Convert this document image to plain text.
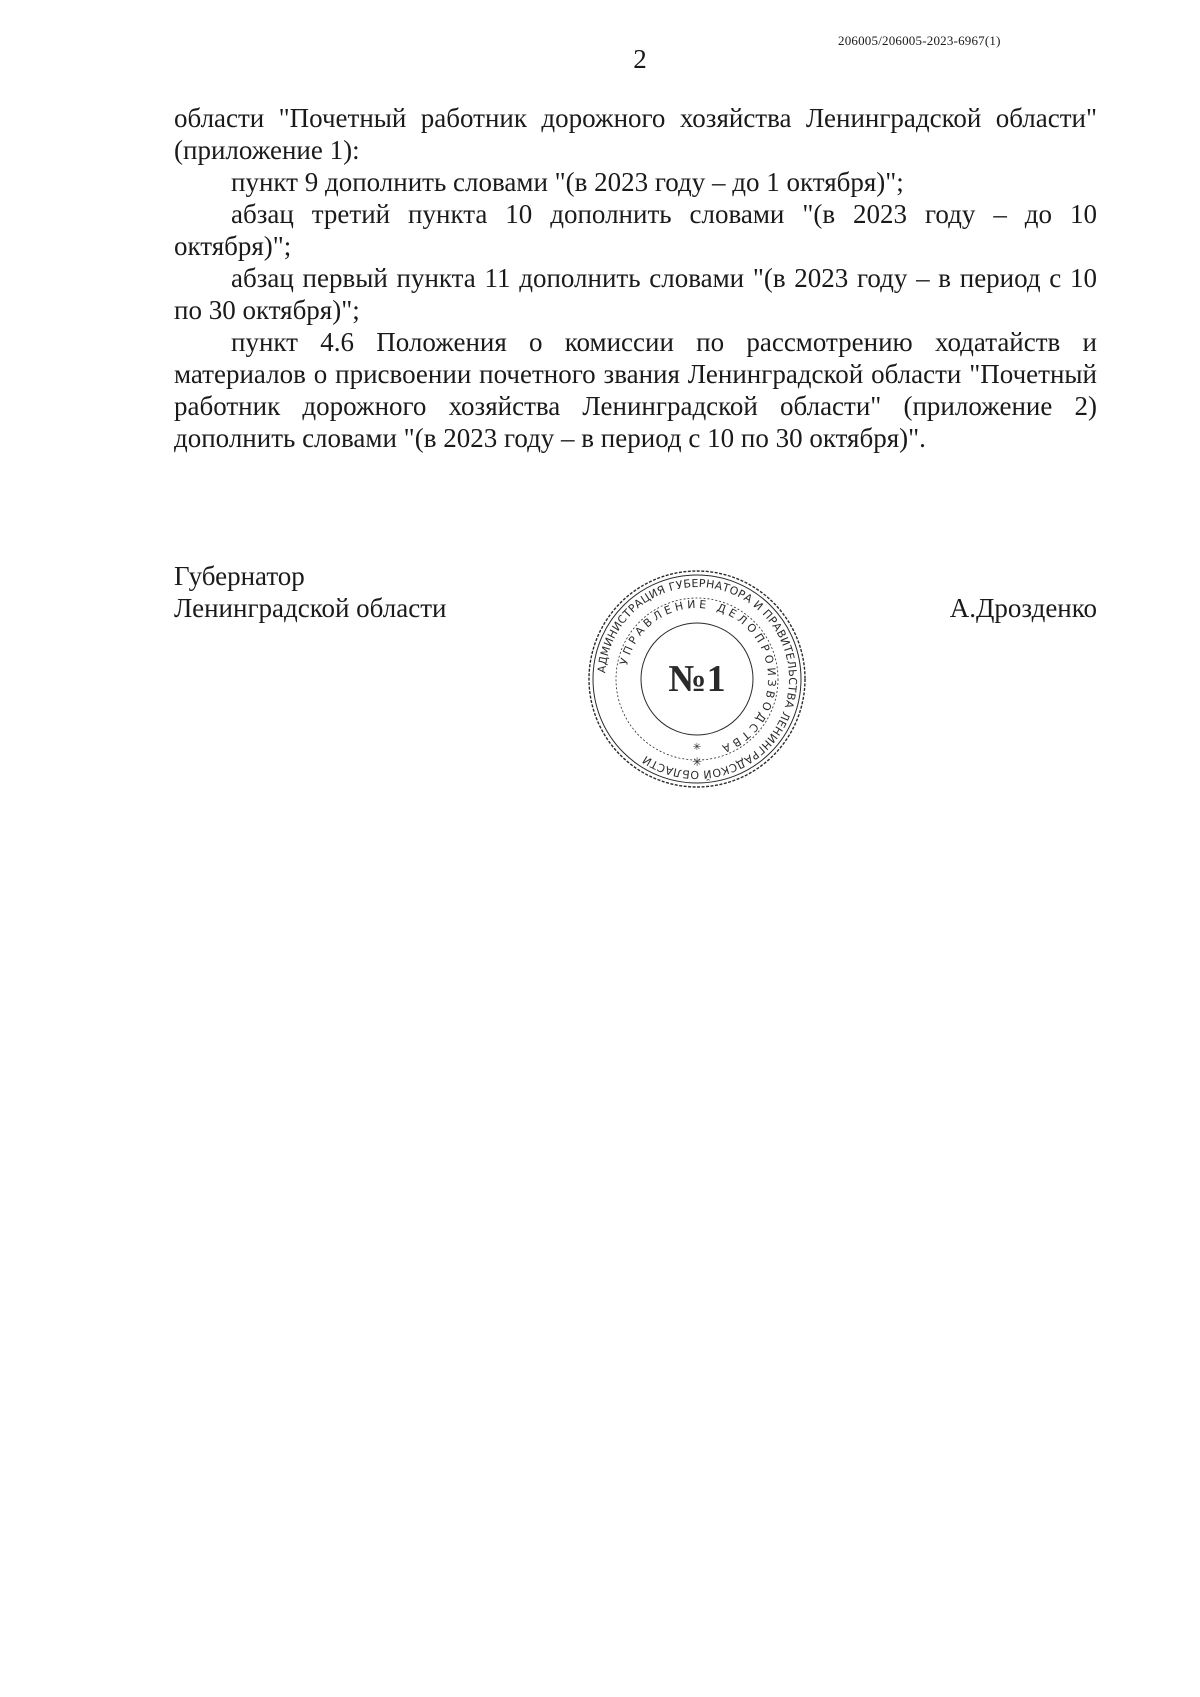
206005/206005-2023-6967(1)
2

области "Почетный работник дорожного хозяйства Ленинградской области" (приложение 1):

пункт 9 дополнить словами "(в 2023 году – до 1 октября)";

абзац третий пункта 10 дополнить словами "(в 2023 году – до 10 октября)";

абзац первый пункта 11 дополнить словами "(в 2023 году – в период с 10 по 30 октября)";

пункт 4.6 Положения о комиссии по рассмотрению ходатайств и материалов о присвоении почетного звания Ленинградской области "Почетный работник дорожного хозяйства Ленинградской области" (приложение 2) дополнить словами "(в 2023 году – в период с 10 по 30 октября)".

Губернатор
Ленинградской области	А.Дрозденко
АДМИНИСТРАЦИЯ ГУБЕРНАТОРА И ПРАВИТЕЛЬСТВА ЛЕНИНГРАДСКОЙ ОБЛАСТИ
УПРАВЛЕНИЕ ДЕЛОПРОИЗВОДСТВА
№1
✳
✳
